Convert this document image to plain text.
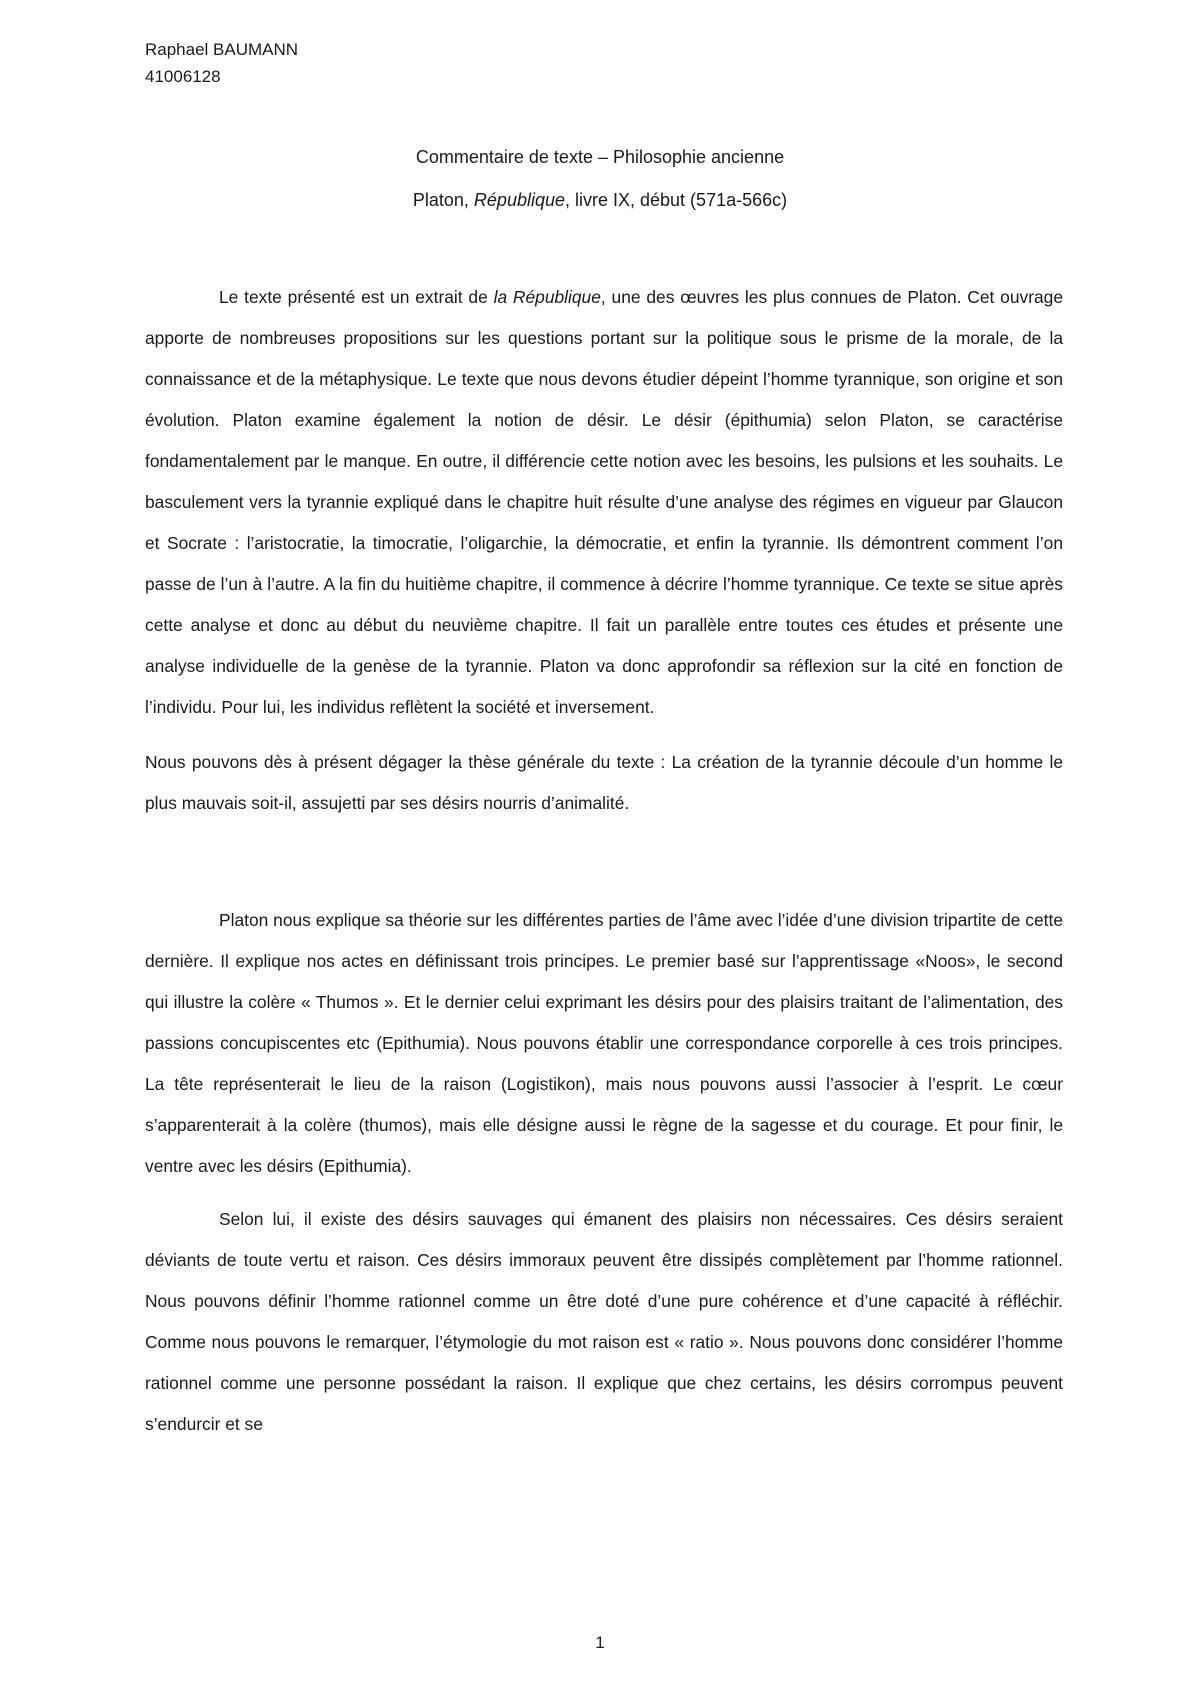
Raphael BAUMANN
41006128
Commentaire de texte – Philosophie ancienne
Platon, République, livre IX, début (571a-566c)

Le texte présenté est un extrait de la République, une des œuvres les plus connues de Platon. Cet ouvrage apporte de nombreuses propositions sur les questions portant sur la politique sous le prisme de la morale, de la connaissance et de la métaphysique. Le texte que nous devons étudier dépeint l’homme tyrannique, son origine et son évolution. Platon examine également la notion de désir. Le désir (épithumia) selon Platon, se caractérise fondamentalement par le manque. En outre, il différencie cette notion avec les besoins, les pulsions et les souhaits. Le basculement vers la tyrannie expliqué dans le chapitre huit résulte d’une analyse des régimes en vigueur par Glaucon et Socrate : l’aristocratie, la timocratie, l’oligarchie, la démocratie, et enfin la tyrannie. Ils démontrent comment l’on passe de l’un à l’autre. A la fin du huitième chapitre, il commence à décrire l’homme tyrannique. Ce texte se situe après cette analyse et donc au début du neuvième chapitre. Il fait un parallèle entre toutes ces études et présente une analyse individuelle de la genèse de la tyrannie. Platon va donc approfondir sa réflexion sur la cité en fonction de l’individu. Pour lui, les individus reflètent la société et inversement.

Nous pouvons dès à présent dégager la thèse générale du texte : La création de la tyrannie découle d’un homme le plus mauvais soit-il, assujetti par ses désirs nourris d’animalité.

Platon nous explique sa théorie sur les différentes parties de l’âme avec l’idée d’une division tripartite de cette dernière. Il explique nos actes en définissant trois principes. Le premier basé sur l’apprentissage «Noos», le second qui illustre la colère « Thumos ». Et le dernier celui exprimant les désirs pour des plaisirs traitant de l’alimentation, des passions concupiscentes etc (Epithumia). Nous pouvons établir une correspondance corporelle à ces trois principes. La tête représenterait le lieu de la raison (Logistikon), mais nous pouvons aussi l’associer à l’esprit. Le cœur s’apparenterait à la colère (thumos), mais elle désigne aussi le règne de la sagesse et du courage. Et pour finir, le ventre avec les désirs (Epithumia).

Selon lui, il existe des désirs sauvages qui émanent des plaisirs non nécessaires. Ces désirs seraient déviants de toute vertu et raison. Ces désirs immoraux peuvent être dissipés complètement par l’homme rationnel. Nous pouvons définir l’homme rationnel comme un être doté d’une pure cohérence et d’une capacité à réfléchir. Comme nous pouvons le remarquer, l’étymologie du mot raison est « ratio ». Nous pouvons donc considérer l’homme rationnel comme une personne possédant la raison. Il explique que chez certains, les désirs corrompus peuvent s’endurcir et se

1
